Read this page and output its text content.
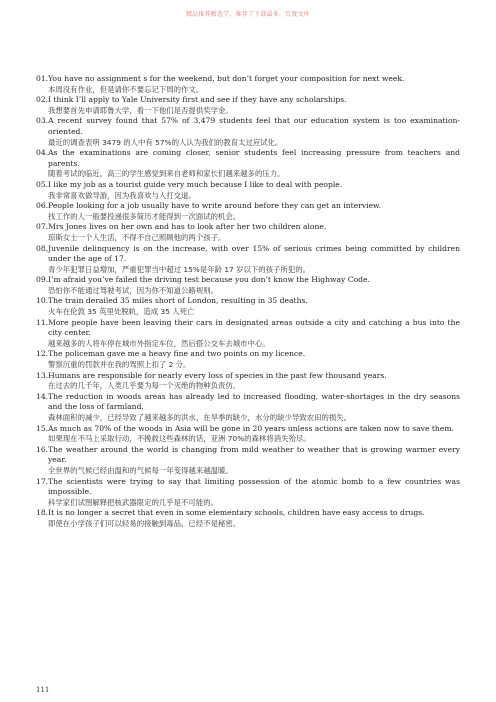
精品推荐精选学，推荐了下载最多，百度文库
01.You have no assignment s for the weekend, but don’t forget your composition for next week.
本周没有作业，但是请你不要忘记下周的作文。
02.I think I’ll apply to Yale University first and see if they have any scholarships.
我想要首先申请耶鲁大学，看一下他们是否提供奖学金。
03.A recent survey found that 57% of 3,479 students feel that our education system is too examination-oriented.
最近的调查表明 3479 的人中有 57%的人认为我们的教育太过应试化。
04.As the examinations are coming closer, senior students feel increasing pressure from teachers and parents.
随着考试的临近，高三的学生感觉到来自老师和家长们越来越多的压力。
05.I like my job as a tourist guide very much because I like to deal with people.
我非常喜欢做导游，因为我喜欢与人打交道。
06.People looking for a job usually have to write around before they can get an interview.
找工作的人一般要投递很多简历才能得到一次面试的机会。
07.Mrs Jones lives on her own and has to look after her two children alone.
琼斯女士一个人生活，不得不自己照顾他的两个孩子。
08.Juvenile delinquency is on the increase, with over 15% of serious crimes being committed by children under the age of 17.
青少年犯罪日益增加，严重犯罪当中超过 15%是年龄 17 岁以下的孩子所犯的。
09.I’m afraid you’ve failed the driving test because you don’t know the Highway Code.
恐怕你不能通过驾驶考试，因为你不知道公路规则。
10.The train derailed 35 miles short of London, resulting in 35 deaths.
火车在伦敦 35 英里处脱轨，造成 35 人死亡
11.More people have been leaving their cars in designated areas outside a city and catching a bus into the city center.
越来越多的人将车停在城市外指定车位，然后搭公交车去城市中心。
12.The policeman gave me a heavy fine and two points on my licence.
警察沉重的罚款并在我的驾照上扣了 2 分。
13.Humans are responsible for nearly every loss of species in the past few thousand years.
在过去的几千年，人类几乎要为每一个灭绝的物种负责仿。
14.The reduction in woods areas has already led to increased flooding, water-shortages in the dry seasons and the loss of farmland.
森林面积的减少，已经导致了越来越多的洪水，在旱季的缺少，水分的缺少导致农田的损失。
15.As much as 70% of the woods in Asia will be gone in 20 years unless actions are taken now to save them.
如果现在不马上采取行动，不挽救这些森林的话，亚洲 70%的森林将消失殆尽。
16.The weather around the world is changing from mild weather to weather that is growing warmer every year.
全世界的气候已经由温和的气候每一年变得越来越温暖。
17.The scientists were trying to say that limiting possession of the atomic bomb to a few countries was impossible.
科学家们试图解释把核武器限定的几乎是不可能的。
18.It is no longer a secret that even in some elementary schools, children have easy access to drugs.
即使在小学孩子们可以轻易的接触到毒品，已经不是秘密。
111
